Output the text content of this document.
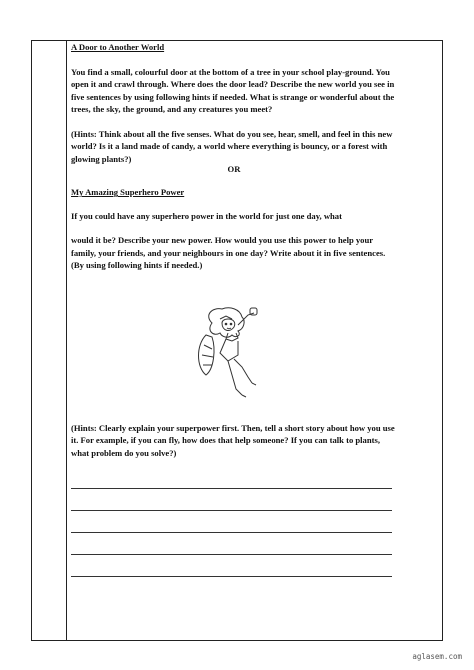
A Door to Another World

You find a small, colourful door at the bottom of a tree in your school play-ground. You open it and crawl through. Where does the door lead? Describe the new world you see in five sentences by using following hints if needed. What is strange or wonderful about the trees, the sky, the ground, and any creatures you meet?

(Hints: Think about all the five senses. What do you see, hear, smell, and feel in this new world? Is it a land made of candy, a world where everything is bouncy, or a forest with glowing plants?)

OR
My Amazing Superhero Power

If you could have any superhero power in the world for just one day, what

would it be? Describe your new power. How would you use this power to help your family, your friends, and your neighbours in one day? Write about it in five sentences. (By using following hints if needed.)

(Hints: Clearly explain your superpower first. Then, tell a short story about how you use it. For example, if you can fly, how does that help someone? If you can talk to plants, what problem do you solve?)

aglasem.com
